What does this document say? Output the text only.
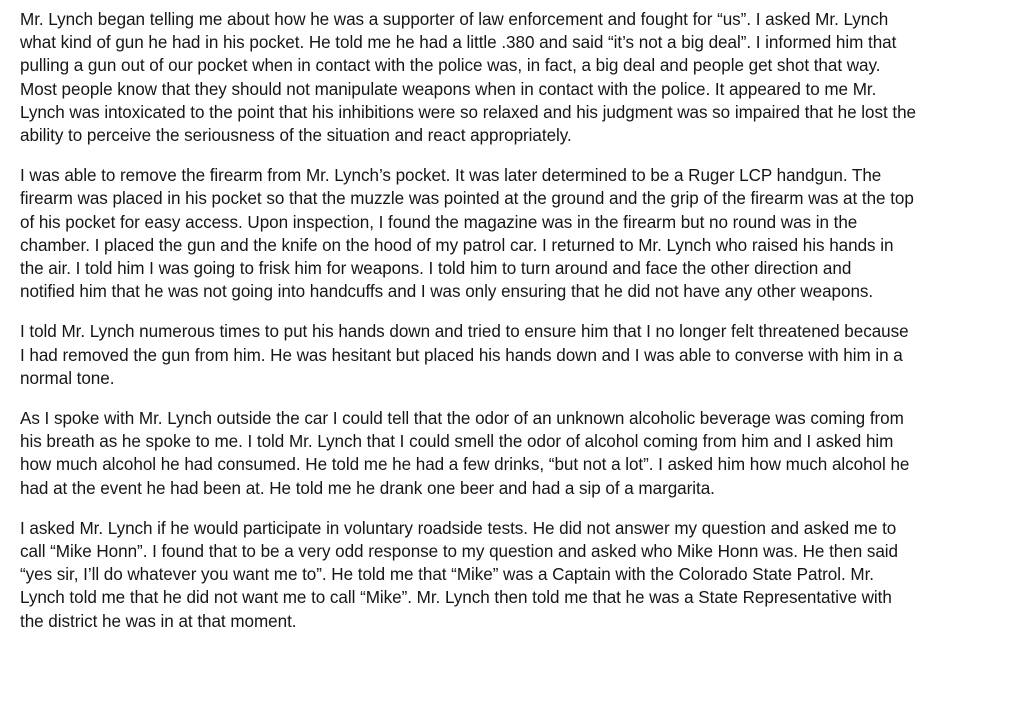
Mr. Lynch began telling me about how he was a supporter of law enforcement and fought for “us”. I asked Mr. Lynch
what kind of gun he had in his pocket. He told me he had a little .380 and said “it’s not a big deal”. I informed him that
pulling a gun out of our pocket when in contact with the police was, in fact, a big deal and people get shot that way.
Most people know that they should not manipulate weapons when in contact with the police. It appeared to me Mr.
Lynch was intoxicated to the point that his inhibitions were so relaxed and his judgment was so impaired that he lost the
ability to perceive the seriousness of the situation and react appropriately.

I was able to remove the firearm from Mr. Lynch’s pocket. It was later determined to be a Ruger LCP handgun. The
firearm was placed in his pocket so that the muzzle was pointed at the ground and the grip of the firearm was at the top
of his pocket for easy access. Upon inspection, I found the magazine was in the firearm but no round was in the
chamber. I placed the gun and the knife on the hood of my patrol car. I returned to Mr. Lynch who raised his hands in
the air. I told him I was going to frisk him for weapons. I told him to turn around and face the other direction and
notified him that he was not going into handcuffs and I was only ensuring that he did not have any other weapons.

I told Mr. Lynch numerous times to put his hands down and tried to ensure him that I no longer felt threatened because
I had removed the gun from him. He was hesitant but placed his hands down and I was able to converse with him in a
normal tone.

As I spoke with Mr. Lynch outside the car I could tell that the odor of an unknown alcoholic beverage was coming from
his breath as he spoke to me. I told Mr. Lynch that I could smell the odor of alcohol coming from him and I asked him
how much alcohol he had consumed. He told me he had a few drinks, “but not a lot”. I asked him how much alcohol he
had at the event he had been at. He told me he drank one beer and had a sip of a margarita.

I asked Mr. Lynch if he would participate in voluntary roadside tests. He did not answer my question and asked me to
call “Mike Honn”. I found that to be a very odd response to my question and asked who Mike Honn was. He then said
“yes sir, I’ll do whatever you want me to”. He told me that “Mike” was a Captain with the Colorado State Patrol. Mr.
Lynch told me that he did not want me to call “Mike”. Mr. Lynch then told me that he was a State Representative with
the district he was in at that moment.
